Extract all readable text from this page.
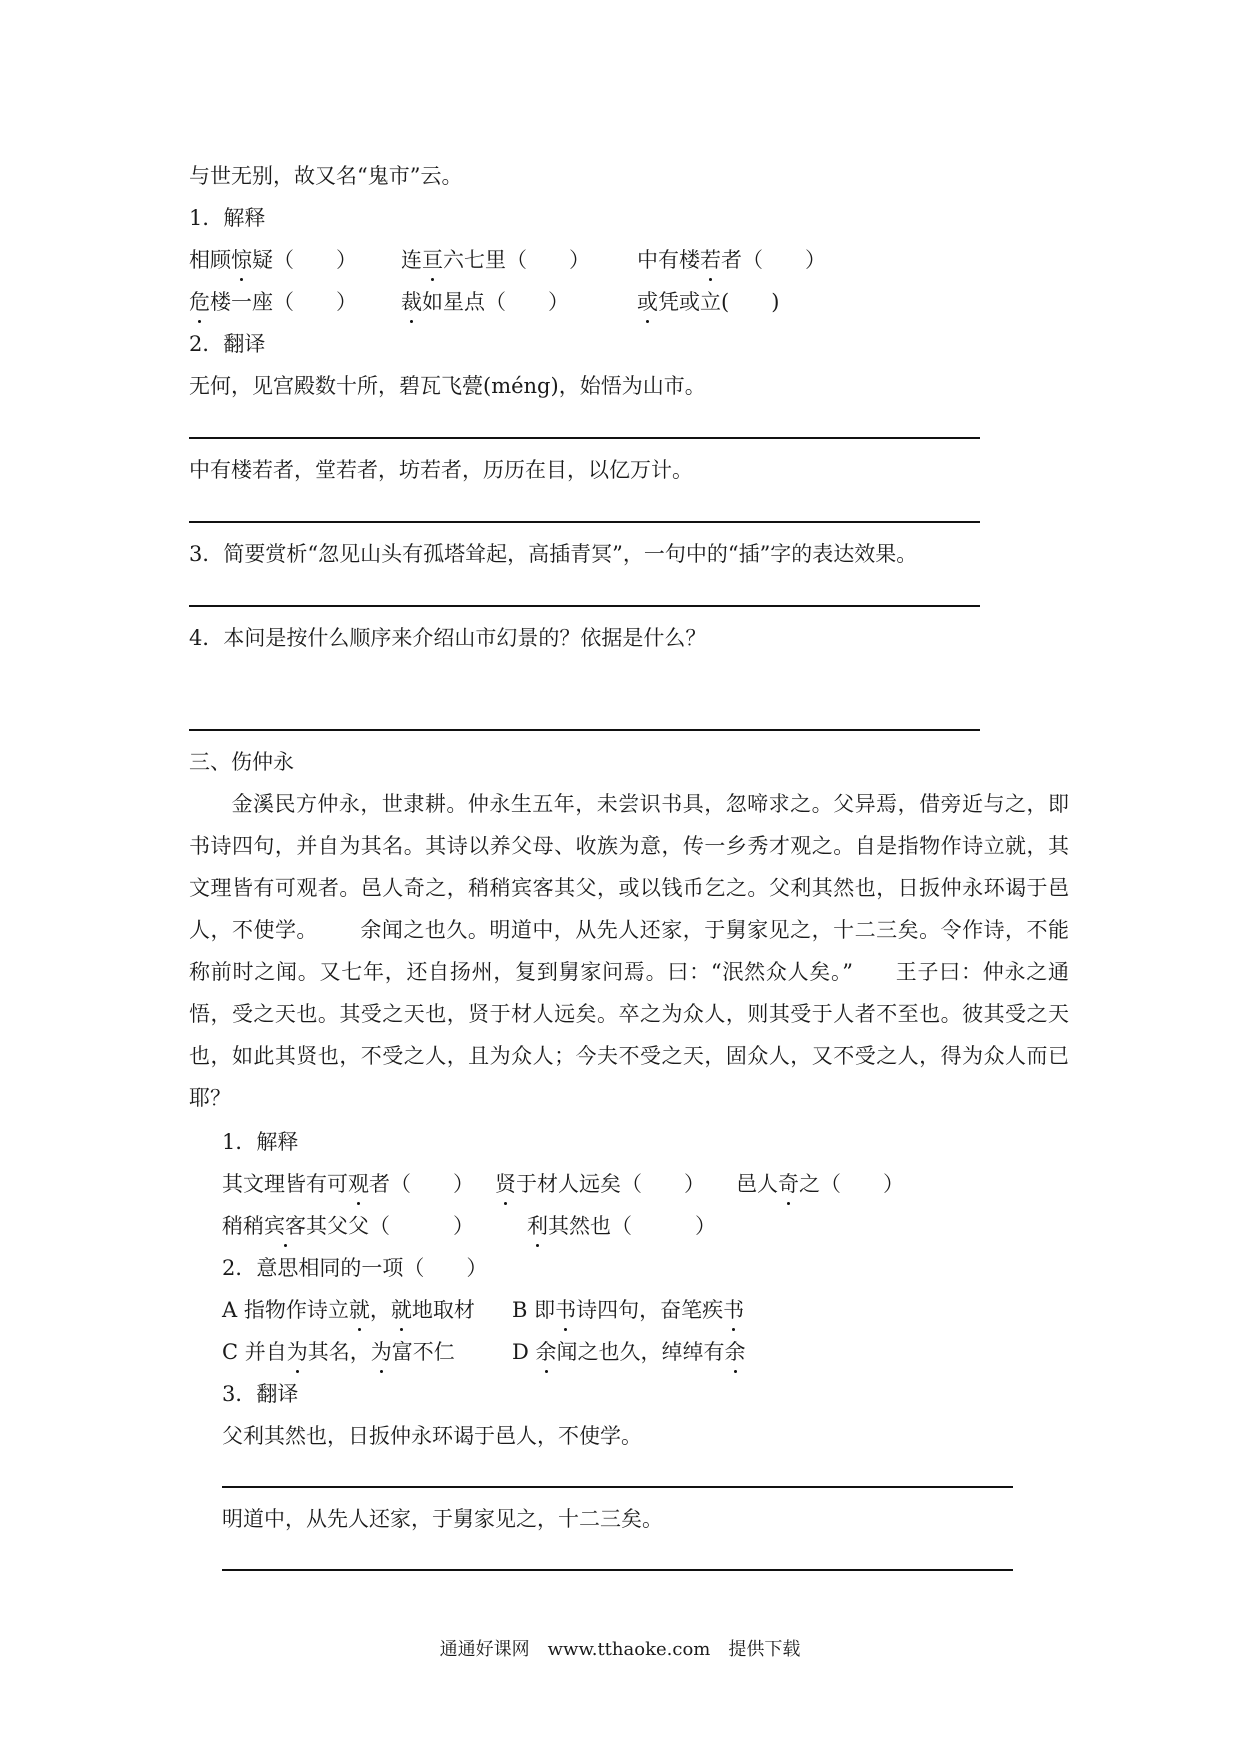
与世无别，故又名“鬼市”云。
1．解释
相顾惊疑（　　） 连亘六七里（　　） 中有楼若者（　　）
危楼一座（　　） 裁如星点（　　）	或凭或立(　　)
2．翻译
无何，见宫殿数十所，碧瓦飞甍(méng)，始悟为山市。
中有楼若者，堂若者，坊若者，历历在目，以亿万计。
3．简要赏析“忽见山头有孤塔耸起，高插青冥”，一句中的“插”字的表达效果。
4．本问是按什么顺序来介绍山市幻景的？依据是什么？
三、伤仲永
金溪民方仲永，世隶耕。仲永生五年，未尝识书具，忽啼求之。父异焉，借旁近与之，即书诗四句，并自为其名。其诗以养父母、收族为意，传一乡秀才观之。自是指物作诗立就，其文理皆有可观者。邑人奇之，稍稍宾客其父，或以钱币乞之。父利其然也，日扳仲永环谒于邑人，不使学。 余闻之也久。明道中，从先人还家，于舅家见之，十二三矣。令作诗，不能称前时之闻。又七年，还自扬州，复到舅家问焉。曰：“泯然众人矣。” 王子曰：仲永之通悟，受之天也。其受之天也，贤于材人远矣。卒之为众人，则其受于人者不至也。彼其受之天也，如此其贤也，不受之人，且为众人；今夫不受之天，固众人，又不受之人，得为众人而已耶？
1．解释
其文理皆有可观者（　　） 贤于材人远矣（　　） 邑人奇之（　　）
稍稍宾客其父父（　　　）	利其然也（　　　）
2．意思相同的一项（　　）
A 指物作诗立就，就地取材 B 即书诗四句，奋笔疾书
C 并自为其名，为富不仁	D 余闻之也久，绰绰有余
3．翻译
父利其然也，日扳仲永环谒于邑人，不使学。
明道中，从先人还家，于舅家见之，十二三矣。
通通好课网　www.tthaoke.com　提供下载
